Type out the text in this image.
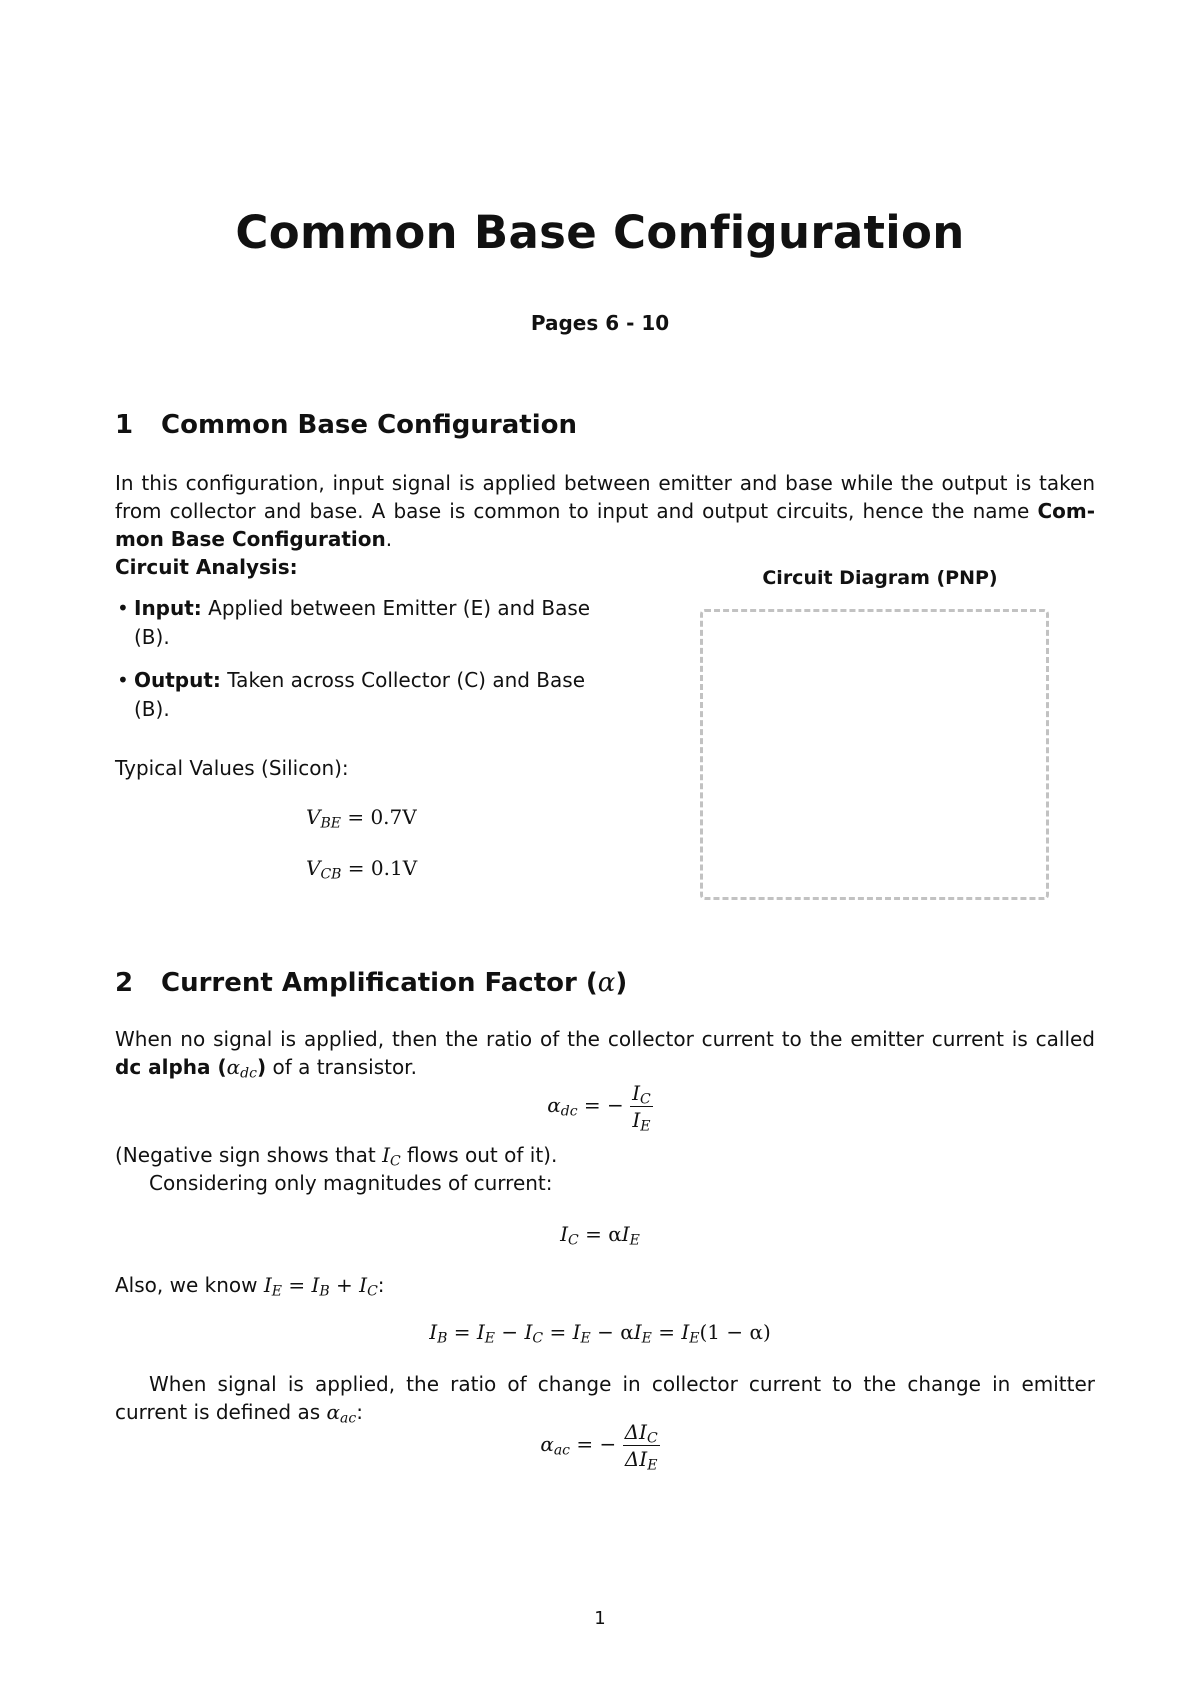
Common Base Configuration
Pages 6 - 10
1 Common Base Configuration
In this configuration, input signal is applied between emitter and base while the output is taken
from collector and base. A base is common to input and output circuits, hence the name Com-
mon Base Configuration.
Circuit Analysis:
• Input: Applied between Emitter (E) and Base (B).
• Output: Taken across Collector (C) and Base (B).
Typical Values (Silicon):
$V_{BE} = 0.7V$
$V_{CB} = 0.1V$
Circuit Diagram (PNP)
2 Current Amplification Factor (α)
When no signal is applied, then the ratio of the collector current to the emitter current is called
dc alpha $(\alpha_{dc})$ of a transistor.
$\alpha_{dc}$ = − $\frac{I_C}{I_E}$
(Negative sign shows that $I_C$ flows out of it).
Considering only magnitudes of current:
$I_C = \alpha I_E$
Also, we know $I_E = I_B + I_C$:
$I_B = I_E - I_C = I_E - \alpha I_E = I_E(1 - \alpha)$
When signal is applied, the ratio of change in collector current to the change in emitter
current is defined as $\alpha_{ac}$:
$\alpha_{ac}$ = − $\frac{\Delta I_C}{\Delta I_E}$
1
